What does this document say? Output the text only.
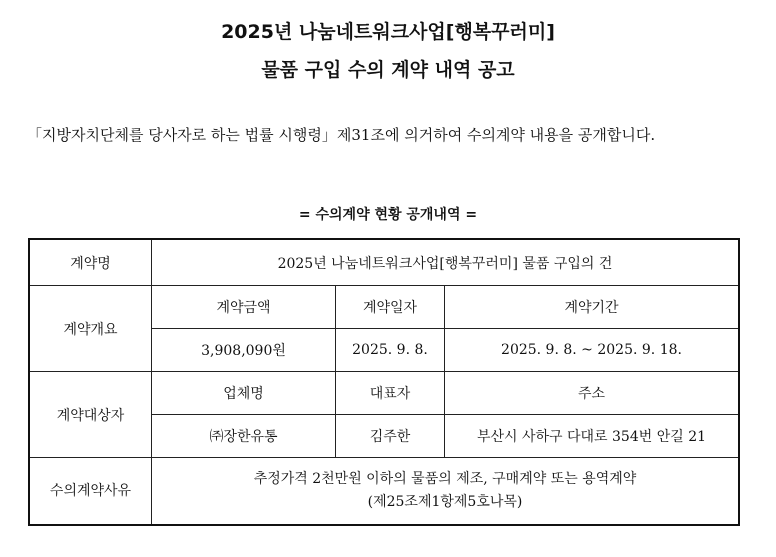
2025년 나눔네트워크사업[행복꾸러미]
물품 구입 수의 계약 내역 공고
「지방자치단체를 당사자로 하는 법률 시행령」제31조에 의거하여 수의계약 내용을 공개합니다.
= 수의계약 현황 공개내역 =
계약명	2025년 나눔네트워크사업[행복꾸러미] 물품 구입의 건		
계약개요	계약금액	계약일자	계약기간
	3,908,090원	2025. 9. 8.	2025. 9. 8. ~ 2025. 9. 18.
계약대상자	업체명	대표자	주소
	㈜장한유통	김주한	부산시 사하구 다대로 354번 안길 21
수의계약사유	추정가격 2천만원 이하의 물품의 제조, 구매계약 또는 용역계약
(제25조제1항제5호나목)		
